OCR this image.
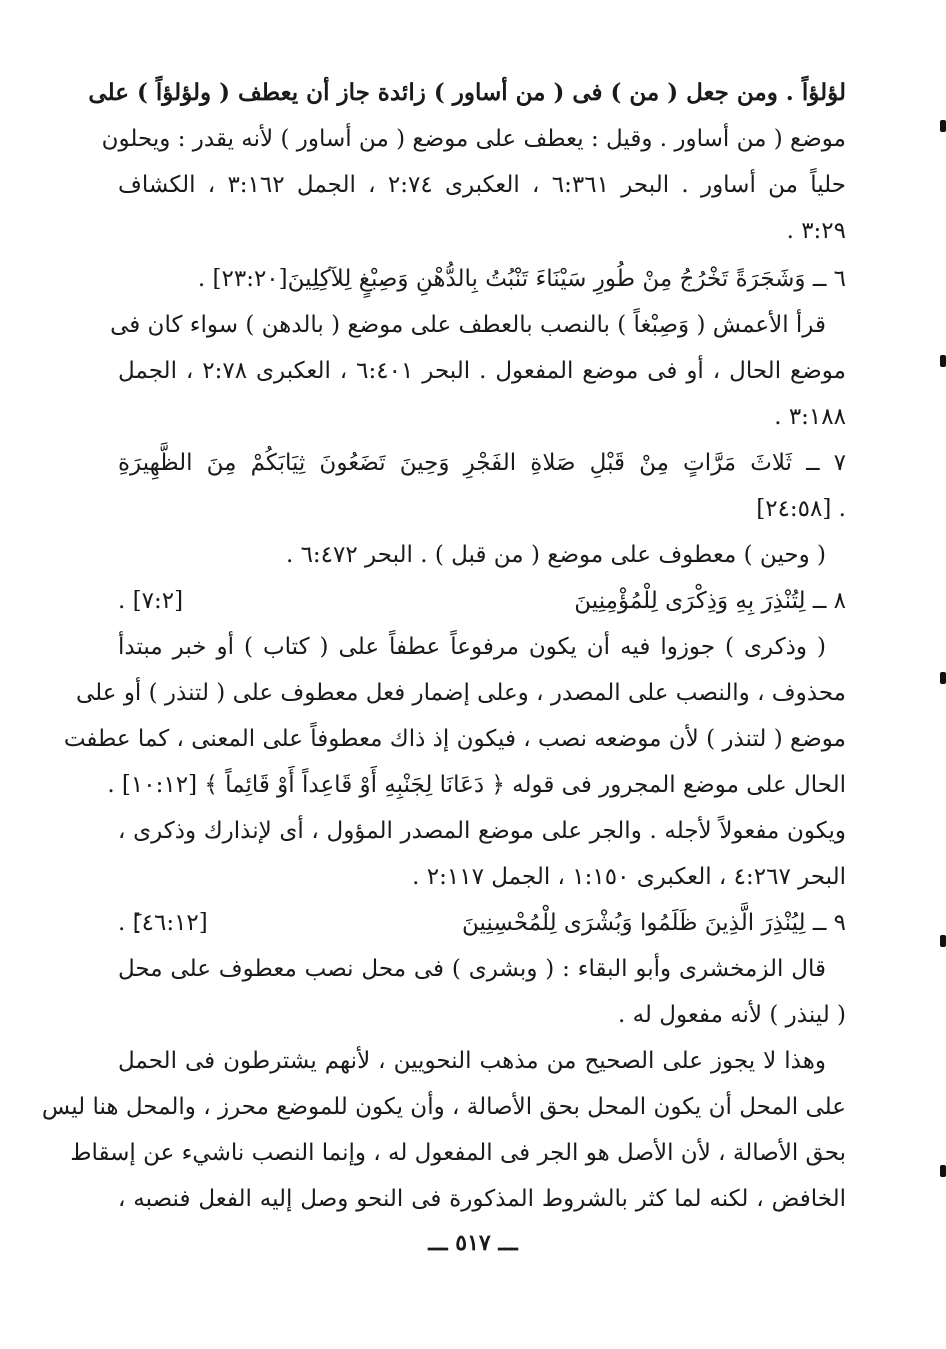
لؤلؤاً . ومن جعل ( من ) فى ( من أساور ) زائدة جاز أن يعطف ( ولؤلؤاً ) على
موضع ( من أساور . وقيل : يعطف على موضع ( من أساور ) لأنه يقدر : ويحلون
حلياً من أساور . البحر ٦:٣٦١ ، العكبرى ٢:٧٤ ، الجمل ٣:١٦٢ ، الكشاف
٣:٢٩ .
٦ ــ وَشَجَرَةً تَخْرُجُ مِنْ طُورِ سَيْنَاءَ تَنْبُتُ بِالدُّهْنِ وَصِبْغٍ لِلآكِلِينَ[٢٣:٢٠] .
قرأ الأعمش ( وَصِبْغاً ) بالنصب بالعطف على موضع ( بالدهن ) سواء كان فى
موضع الحال ، أو فى موضع المفعول . البحر ٦:٤٠١ ، العكبرى ٢:٧٨ ، الجمل
٣:١٨٨ .
٧ ــ ثَلاثَ مَرَّاتٍ مِنْ قَبْلِ صَلاةِ الفَجْرِ وَحِينَ تَضَعُونَ ثِيَابَكُمْ مِنَ الظَّهِيرَةِ
. [٢٤:٥٨]
( وحين ) معطوف على موضع ( من قبل ) . البحر ٦:٤٧٢ .
٨ ــ لِتُنْذِرَ بِهِ وَذِكْرَى لِلْمُؤْمِنِينَ
[٧:٢] .
( وذكرى ) جوزوا فيه أن يكون مرفوعاً عطفاً على ( كتاب ) أو خبر مبتدأ
محذوف ، والنصب على المصدر ، وعلى إضمار فعل معطوف على ( لتنذر ) أو على
موضع ( لتنذر ) لأن موضعه نصب ، فيكون إذ ذاك معطوفاً على المعنى ، كما عطفت
الحال على موضع المجرور فى قوله ﴿ دَعَانَا لِجَنْبِهِ أَوْ قَاعِداً أَوْ قَائِماً ﴾ [١٠:١٢] .
ويكون مفعولاً لأجله . والجر على موضع المصدر المؤول ، أى لإنذارك وذكرى ،
البحر ٤:٢٦٧ ، العكبرى ١:١٥٠ ، الجمل ٢:١١٧ .
٩ ــ لِيُنْذِرَ الَّذِينَ ظَلَمُوا وَبُشْرَى لِلْمُحْسِنِينَ
[٤٦:١٢]َ .
قال الزمخشرى وأبو البقاء : ( وبشرى ) فى محل نصب معطوف على محل
( لينذر ) لأنه مفعول له .
وهذا لا يجوز على الصحيح من مذهب النحويين ، لأنهم يشترطون فى الحمل
على المحل أن يكون المحل بحق الأصالة ، وأن يكون للموضع محرز ، والمحل هنا ليس
بحق الأصالة ، لأن الأصل هو الجر فى المفعول له ، وإنما النصب ناشيء عن إسقاط
الخافض ، لكنه لما كثر بالشروط المذكورة فى النحو وصل إليه الفعل فنصبه ،
ـــ ٥١٧ ـــ
